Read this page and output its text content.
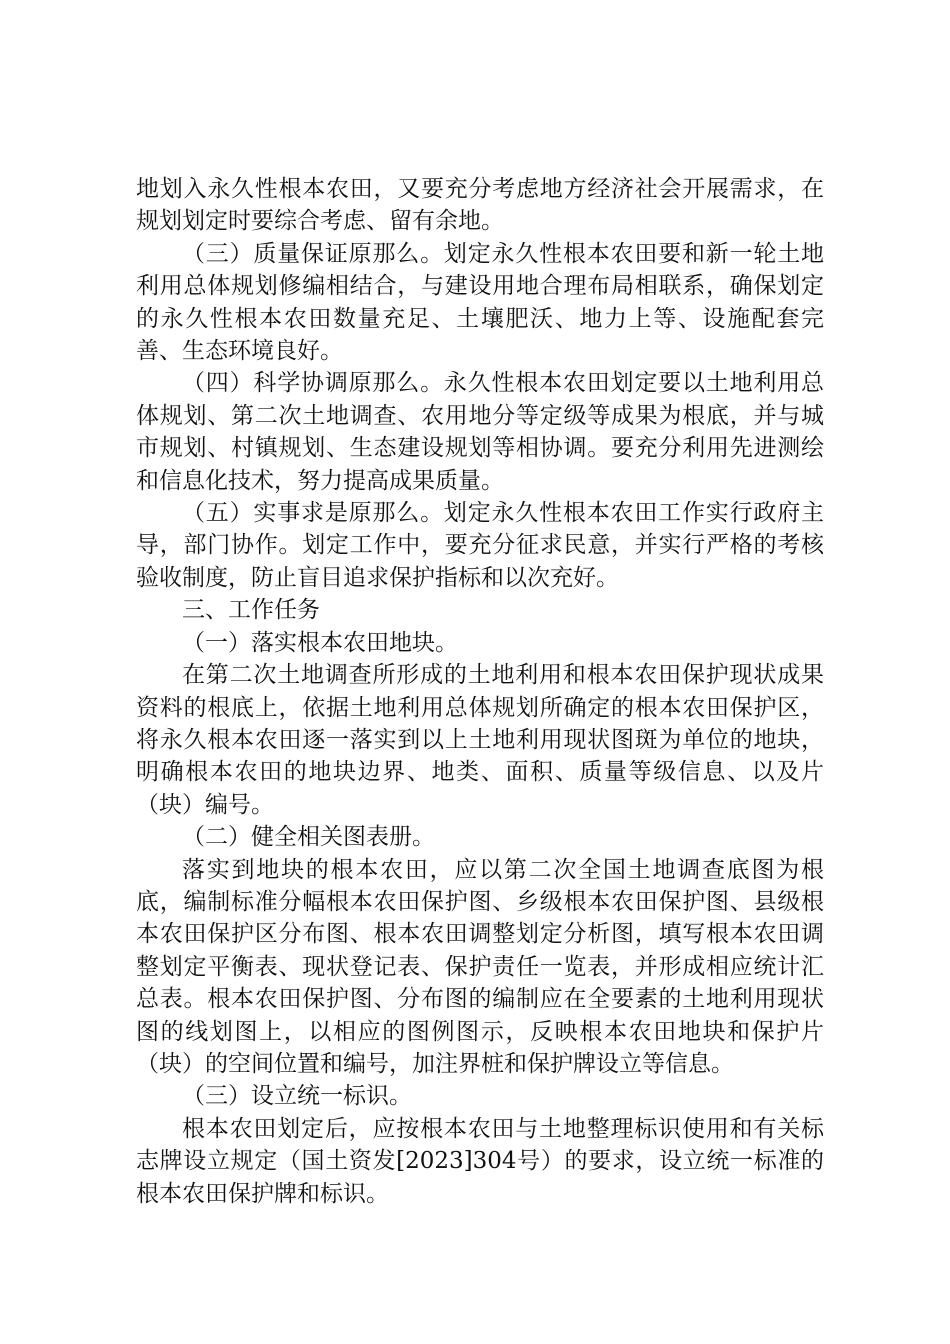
地划入永久性根本农田，又要充分考虑地方经济社会开展需求，在规划划定时要综合考虑、留有余地。

（三）质量保证原那么。划定永久性根本农田要和新一轮土地利用总体规划修编相结合，与建设用地合理布局相联系，确保划定的永久性根本农田数量充足、土壤肥沃、地力上等、设施配套完善、生态环境良好。

（四）科学协调原那么。永久性根本农田划定要以土地利用总体规划、第二次土地调查、农用地分等定级等成果为根底，并与城市规划、村镇规划、生态建设规划等相协调。要充分利用先进测绘和信息化技术，努力提高成果质量。

（五）实事求是原那么。划定永久性根本农田工作实行政府主导，部门协作。划定工作中，要充分征求民意，并实行严格的考核验收制度，防止盲目追求保护指标和以次充好。

三、工作任务

（一）落实根本农田地块。

在第二次土地调查所形成的土地利用和根本农田保护现状成果资料的根底上，依据土地利用总体规划所确定的根本农田保护区，将永久根本农田逐一落实到以上土地利用现状图斑为单位的地块，明确根本农田的地块边界、地类、面积、质量等级信息、以及片（块）编号。

（二）健全相关图表册。

落实到地块的根本农田，应以第二次全国土地调查底图为根底，编制标准分幅根本农田保护图、乡级根本农田保护图、县级根本农田保护区分布图、根本农田调整划定分析图，填写根本农田调整划定平衡表、现状登记表、保护责任一览表，并形成相应统计汇总表。根本农田保护图、分布图的编制应在全要素的土地利用现状图的线划图上，以相应的图例图示，反映根本农田地块和保护片（块）的空间位置和编号，加注界桩和保护牌设立等信息。

（三）设立统一标识。

根本农田划定后，应按根本农田与土地整理标识使用和有关标志牌设立规定（国土资发[2023]304号）的要求，设立统一标准的根本农田保护牌和标识。
